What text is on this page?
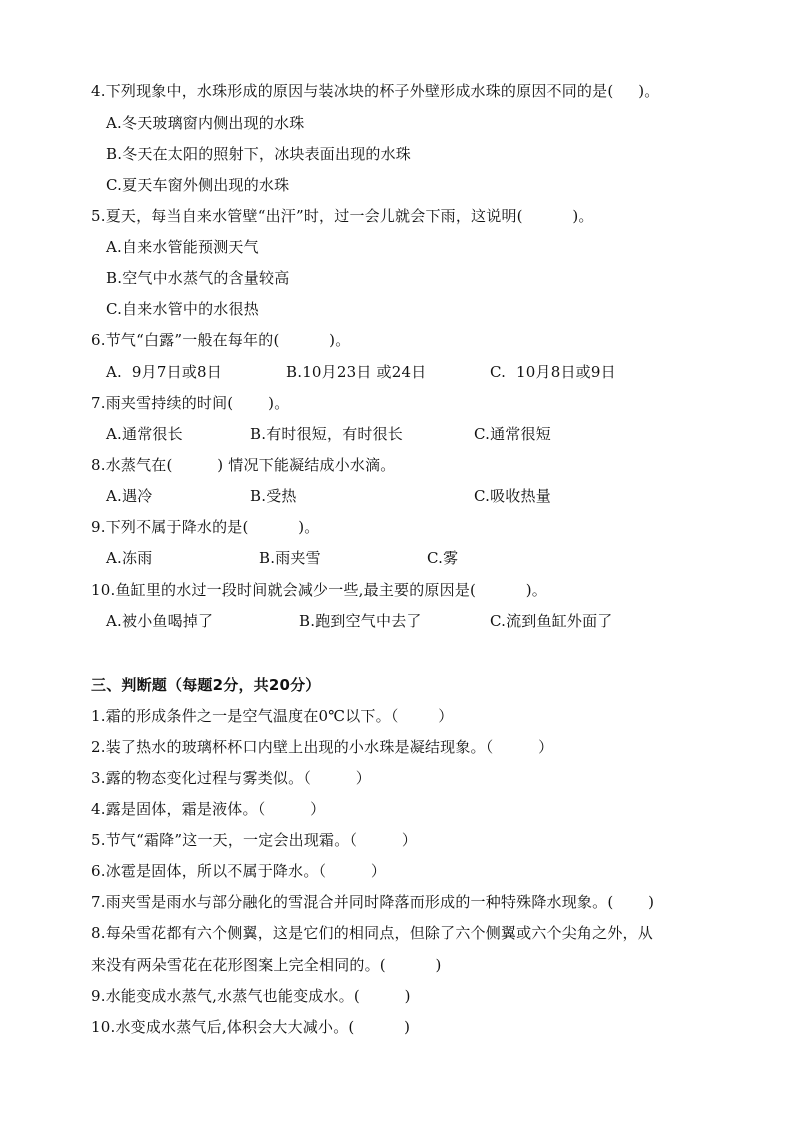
4.下列现象中，水珠形成的原因与装冰块的杯子外壁形成水珠的原因不同的是(     )。
A.冬天玻璃窗内侧出现的水珠
B.冬天在太阳的照射下，冰块表面出现的水珠
C.夏天车窗外侧出现的水珠
5.夏天，每当自来水管壁“出汗”时，过一会儿就会下雨，这说明(          )。
A.自来水管能预测天气
B.空气中水蒸气的含量较高
C.自来水管中的水很热
6.节气“白露”一般在每年的(          )。
A.  9月7日或8日	B.10月23日 或24日	C.  10月8日或9日
7.雨夹雪持续的时间(       )。
A.通常很长	B.有时很短，有时很长	C.通常很短
8.水蒸气在(         ) 情况下能凝结成小水滴。
A.遇冷	B.受热	C.吸收热量
9.下列不属于降水的是(          )。
A.冻雨	B.雨夹雪	C.雾
10.鱼缸里的水过一段时间就会减少一些,最主要的原因是(          )。
A.被小鱼喝掉了	B.跑到空气中去了	C.流到鱼缸外面了
三、判断题（每题2分，共20分）
1.霜的形成条件之一是空气温度在0℃以下。（        ）
2.装了热水的玻璃杯杯口内壁上出现的小水珠是凝结现象。（         ）
3.露的物态变化过程与雾类似。（         ）
4.露是固体，霜是液体。（         ）
5.节气“霜降”这一天，一定会出现霜。（         ）
6.冰雹是固体，所以不属于降水。（         ）
7.雨夹雪是雨水与部分融化的雪混合并同时降落而形成的一种特殊降水现象。(       )
8.每朵雪花都有六个侧翼，这是它们的相同点，但除了六个侧翼或六个尖角之外，从
来没有两朵雪花在花形图案上完全相同的。(          )
9.水能变成水蒸气,水蒸气也能变成水。(         )
10.水变成水蒸气后,体积会大大减小。(          )
